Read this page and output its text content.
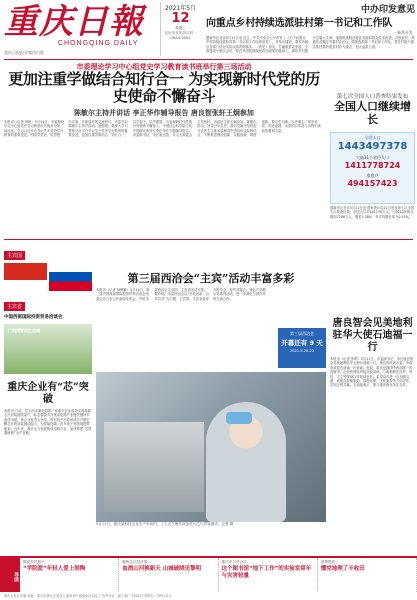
重庆日報
CHONGQING DAILY
重庆日报报业集团出版
2021年5月
12
星期三
农历辛丑年四月初一
CN50-0001
中办印发意见
向重点乡村持续选派驻村第一书记和工作队
一新华社发
据新华社北京5月11日电 近日，中共中央办公厅印发了《关于向重点乡村持续选派驻村第一书记和工作队的意见》，并发出通知，要求各地区各部门结合实际认真贯彻落实。《意见》指出，打赢脱贫攻坚战、全面建成小康社会后，要在巩固拓展脱贫攻坚成果的基础上，做好乡村振兴这篇大文章，接续推进脱贫地区发展和群众生活改善。对脱贫村、易地扶贫搬迁安置村(社区)，继续选派第一书记和工作队，将乡村振兴重点帮扶县的脱贫村作为重点，加大选派力度。
市委理论学习中心组党史学习教育读书班举行第三场活动
更加注重学做结合知行合一 为实现新时代党的历史使命不懈奋斗
陈敏尔主持并讲话 李正华作辅导报告 唐良智张轩王炯参加
本报讯（记者 杨帆）5月11日，市委理论学习中心组党史学习教育读书班举行第三场活动，学习习近平总书记关于党史学习教育的重要论述，围绕学党史、悟思想、办实事、开新局开展交流研讨。市委书记陈敏尔主持并讲话。他强调，要深入学习贯彻习近平总书记关于党史学习教育的重要论述，更加注重学做结合、知行合一，以学促干、以学增智，为实现新时代党的历史使命不懈奋斗。中国社会科学院当代中国研究所所长李正华作专题辅导报告。市委副书记、市长唐良智，市人大常委会主任张轩，市政协主席王炯参加。陈敏尔指出，回望百年党史，我们党始终坚持把马克思主义基本原理同中国具体实际相结合，不断推进理论创新、实践创新、制度创新。要以史为镜、以史明志，知史爱党、知史爱国，从党的百年奋斗历程中汲取智慧和力量。
第七次全国人口普查结果发布
全国人口继续增长
全国人口
1443497378
大陆31个省份人口
1411778724
家庭户
494157423
据新华社北京5月11日电 国家统计局11日发布第七次全国人口普查结果。全国人口共141178万人，与2010年相比增加7206万人，增长5.38%；年平均增长率为0.53%。
主宾国
主宾省
中国西部国际投资贸易洽谈会
广阳湾智创生态城
重庆企业有“芯”突破
本报讯 日前，位于西永微电园的一家重庆企业成功实现高端芯片封装测试量产，标志着我市在集成电路产业链关键环节取得突破。该企业负责人介绍，项目投产后将形成年产数亿颗芯片的封装测试能力，为智能终端、汽车电子等领域提供配套。近年来，我市大力发展集成电路产业，加快构建“芯屏器核网”全产业链。
第三届西洽会“主宾”活动丰富多彩
本报讯（记者 杨铌紫）5月11日，第三届中国西部国际投资贸易洽谈会组委会办公室召开新闻发布会，介绍本届西洽会主宾国、主宾省活动安排。据介绍，本届西洽会以“开放创新、合作共享”为主题，主宾国、主宾省将举办推介会、经贸对接会、特色产品展示等系列活动，进一步深化与国内外的交流合作。
第三届西洽会
开幕还有 9 天
2021.5.20-23
5月11日，重庆某科技企业生产车间内，工人正在操作设备进行芯片封装测试。记者 摄
唐良智会见美地利驻华大使石迪福一行
本报讯（记者 张珺）5月11日，市委副书记、市长唐良智会见奥地利驻华大使石迪福一行。唐良智代表市委、市政府欢迎石迪福一行来渝。他说，重庆是我国中西部唯一的直辖市，正加快建设内陆开放高地，与奥地利在经贸、科技、人文等领域合作基础良好。希望双方进一步加强交流，拓展在智能制造、绿色环保、文化旅游等方面合作，实现互利共赢。石迪福表示，愿与重庆深化务实合作。
导读
推动乡村振兴
“学院派”年轻人爱上制陶
聚焦长江经济带
血酒山河换新天 山城破晓见黎明
重庆市召开会议
这个图书馆“地下工作”的实验室常年与灾害较量
消费提质
懂党地理了丰收田
重庆日报社出版 地址：重庆市渝北区同茂大道416号 邮编401120 广告许可证：渝工商广字001号 零售价：每份1.5元
